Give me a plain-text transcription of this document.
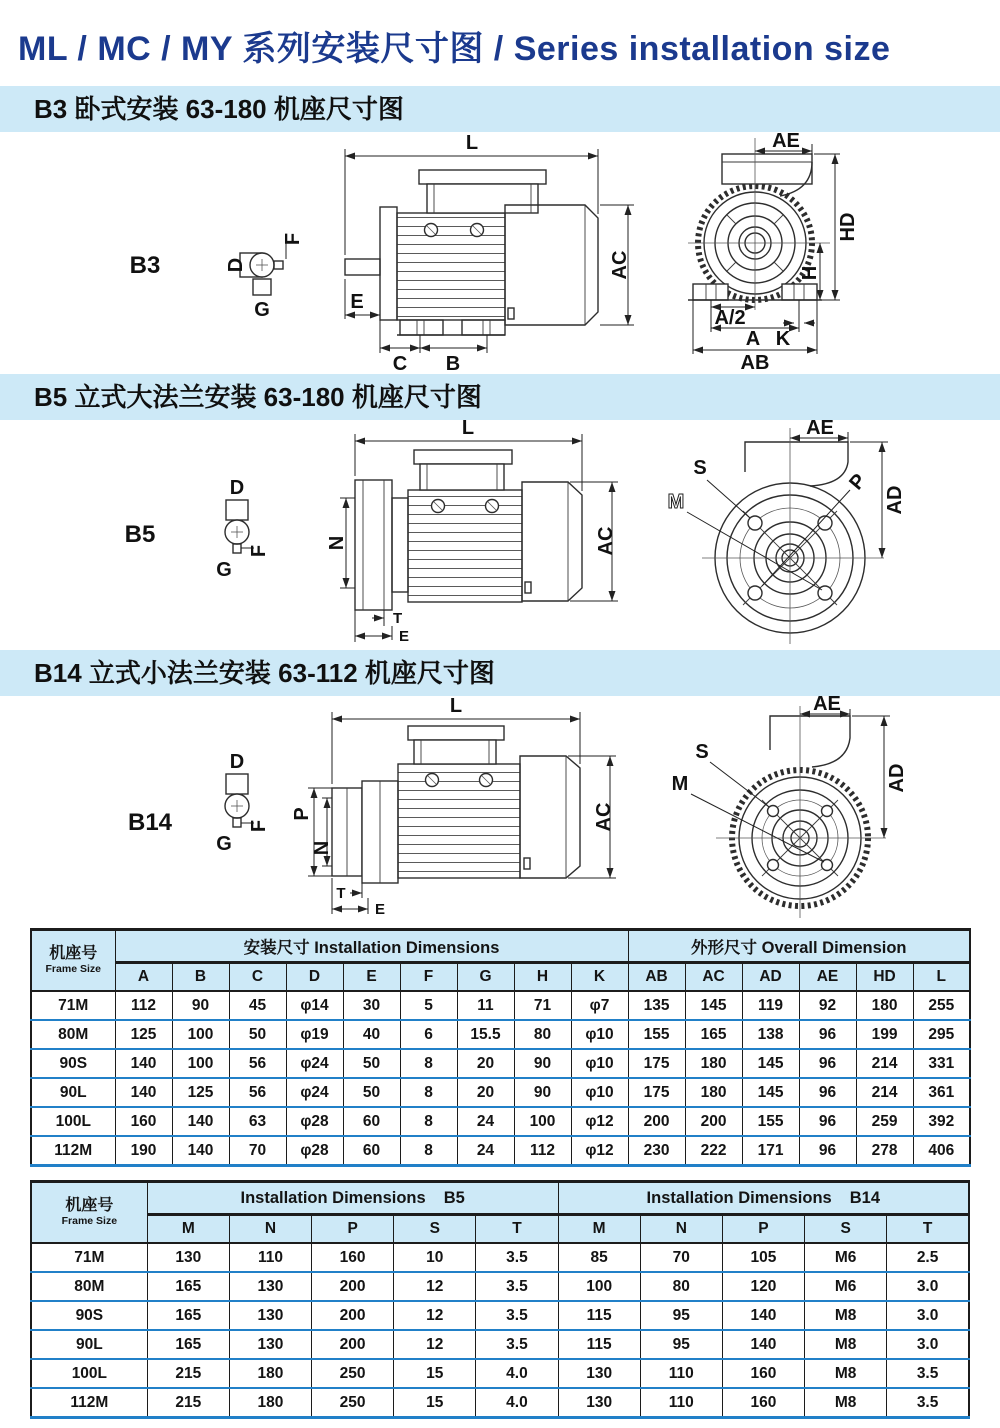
ML / MC / MY 系列安装尺寸图 / Series installation size
B3 卧式安装 63-180 机座尺寸图
B5 立式大法兰安装 63-180 机座尺寸图
B14 立式小法兰安装 63-112 机座尺寸图
B3	D
F
G
L
AC
E
C B
AE
HD
H
A/2
A K
AB
B5
D
F
G
L
AC
N
T
E
AE
AD
S
M
P
B14
D
F
G
L
AC
P
N
T
E
AE
AD
S
M
机座号
Frame Size	安装尺寸 Installation Dimensions									外形尺寸 Overall Dimension					
	A	B	C	D	E	F	G	H	K	AB	AC	AD	AE	HD	L
71M	112	90	45	φ14	30	5	11	71	φ7	135	145	119	92	180	255
80M	125	100	50	φ19	40	6	15.5	80	φ10	155	165	138	96	199	295
90S	140	100	56	φ24	50	8	20	90	φ10	175	180	145	96	214	331
90L	140	125	56	φ24	50	8	20	90	φ10	175	180	145	96	214	361
100L	160	140	63	φ28	60	8	24	100	φ12	200	200	155	96	259	392
112M	190	140	70	φ28	60	8	24	112	φ12	230	222	171	96	278	406
机座号
Frame Size	Installation Dimensions B5					Installation Dimensions B14				
	M	N	P	S	T	M	N	P	S	T
71M	130	110	160	10	3.5	85	70	105	M6	2.5
80M	165	130	200	12	3.5	100	80	120	M6	3.0
90S	165	130	200	12	3.5	115	95	140	M8	3.0
90L	165	130	200	12	3.5	115	95	140	M8	3.0
100L	215	180	250	15	4.0	130	110	160	M8	3.5
112M	215	180	250	15	4.0	130	110	160	M8	3.5
